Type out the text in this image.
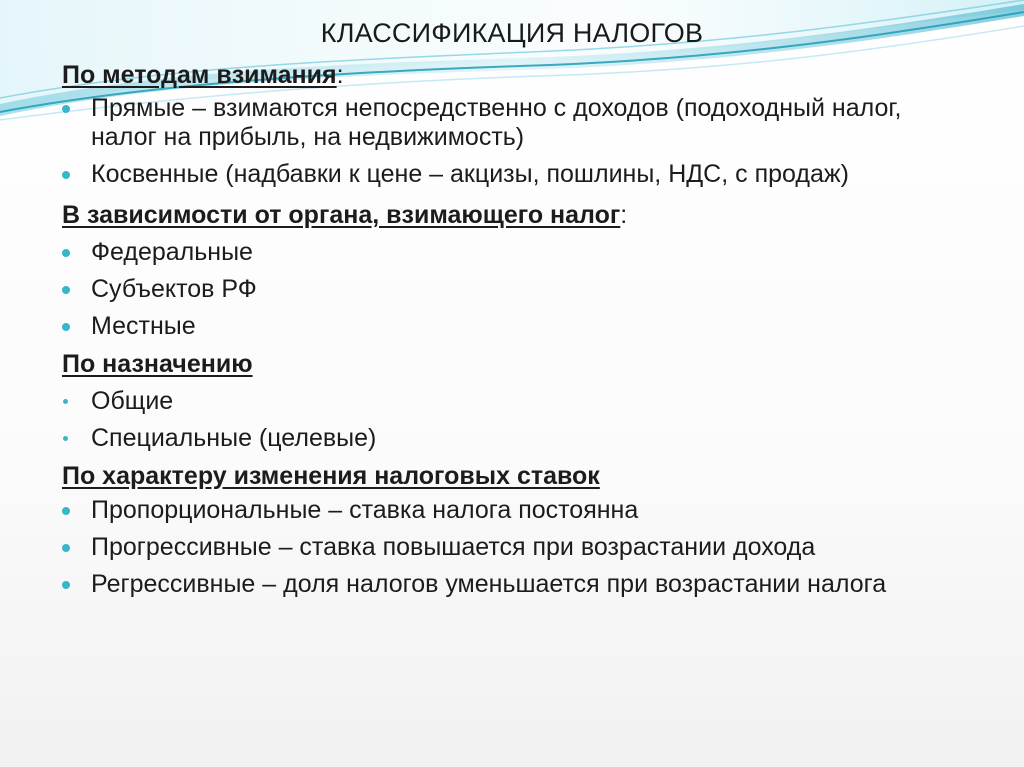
КЛАССИФИКАЦИЯ НАЛОГОВ
По методам взимания:
Прямые – взимаются непосредственно с доходов (подоходный налог, налог на прибыль, на недвижимость)
Косвенные (надбавки к цене – акцизы, пошлины, НДС, с продаж)
В зависимости от органа, взимающего налог:
Федеральные
Субъектов РФ
Местные
По назначению
Общие
Специальные (целевые)
По характеру изменения налоговых ставок
Пропорциональные – ставка налога постоянна
Прогрессивные – ставка повышается при возрастании дохода
Регрессивные – доля налогов уменьшается при возрастании налога
